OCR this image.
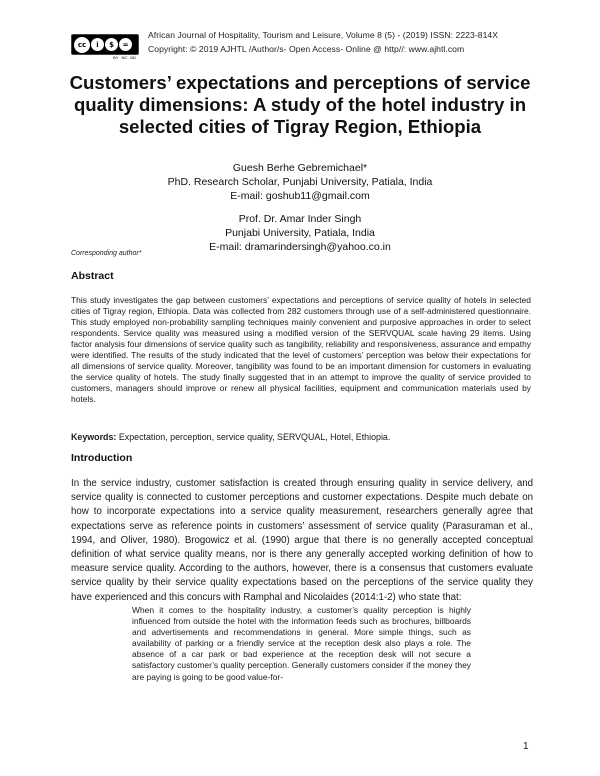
cc	i	$	=
BY NC ND
African Journal of Hospitality, Tourism and Leisure, Volume 8 (5) - (2019) ISSN: 2223-814X
Copyright: © 2019 AJHTL /Author/s- Open Access- Online @ http//: www.ajhtl.com
Customers’ expectations and perceptions of service quality dimensions: A study of the hotel industry in selected cities of Tigray Region, Ethiopia
Guesh Berhe Gebremichael*
PhD. Research Scholar, Punjabi University, Patiala, India
E-mail: goshub11@gmail.com
Prof. Dr. Amar Inder Singh
Punjabi University, Patiala, India
E-mail: dramarindersingh@yahoo.co.in
Corresponding author*
Abstract

This study investigates the gap between customers’ expectations and perceptions of service quality of hotels in selected cities of Tigray region, Ethiopia. Data was collected from 282 customers through use of a self-administered questionnaire. This study employed non-probability sampling techniques mainly convenient and purposive approaches in order to select respondents. Service quality was measured using a modified version of the SERVQUAL scale having 29 items. Using factor analysis four dimensions of service quality such as tangibility, reliability and responsiveness, assurance and empathy were identified. The results of the study indicated that the level of customers’ perception was below their expectations for all dimensions of service quality. Moreover, tangibility was found to be an important dimension for customers in evaluating the service quality of hotels. The study finally suggested that in an attempt to improve the quality of service provided to customers, managers should improve or renew all physical facilities, equipment and communication materials used by hotels.

Keywords: Expectation, perception, service quality, SERVQUAL, Hotel, Ethiopia.
Introduction

In the service industry, customer satisfaction is created through ensuring quality in service delivery, and service quality is connected to customer perceptions and customer expectations. Despite much debate on how to incorporate expectations into a service quality measurement, researchers generally agree that expectations serve as reference points in customers’ assessment of service quality (Parasuraman et al., 1994, and Oliver, 1980). Brogowicz et al. (1990) argue that there is no generally accepted conceptual definition of what service quality means, nor is there any generally accepted working definition of how to measure service quality. According to the authors, however, there is a consensus that customers evaluate service quality by their service quality expectations based on the perceptions of the service quality they have experienced and this concurs with Ramphal and Nicolaides (2014:1-2) who state that:

When it comes to the hospitality industry, a customer’s quality perception is highly influenced from outside the hotel with the information feeds such as brochures, billboards and advertisements and recommendations in general. More simple things, such as availability of parking or a friendly service at the reception desk also plays a role. The absence of a car park or bad experience at the reception desk will not secure a satisfactory customer’s quality perception. Generally customers consider if the money they are paying is going to be good value-for-
1
